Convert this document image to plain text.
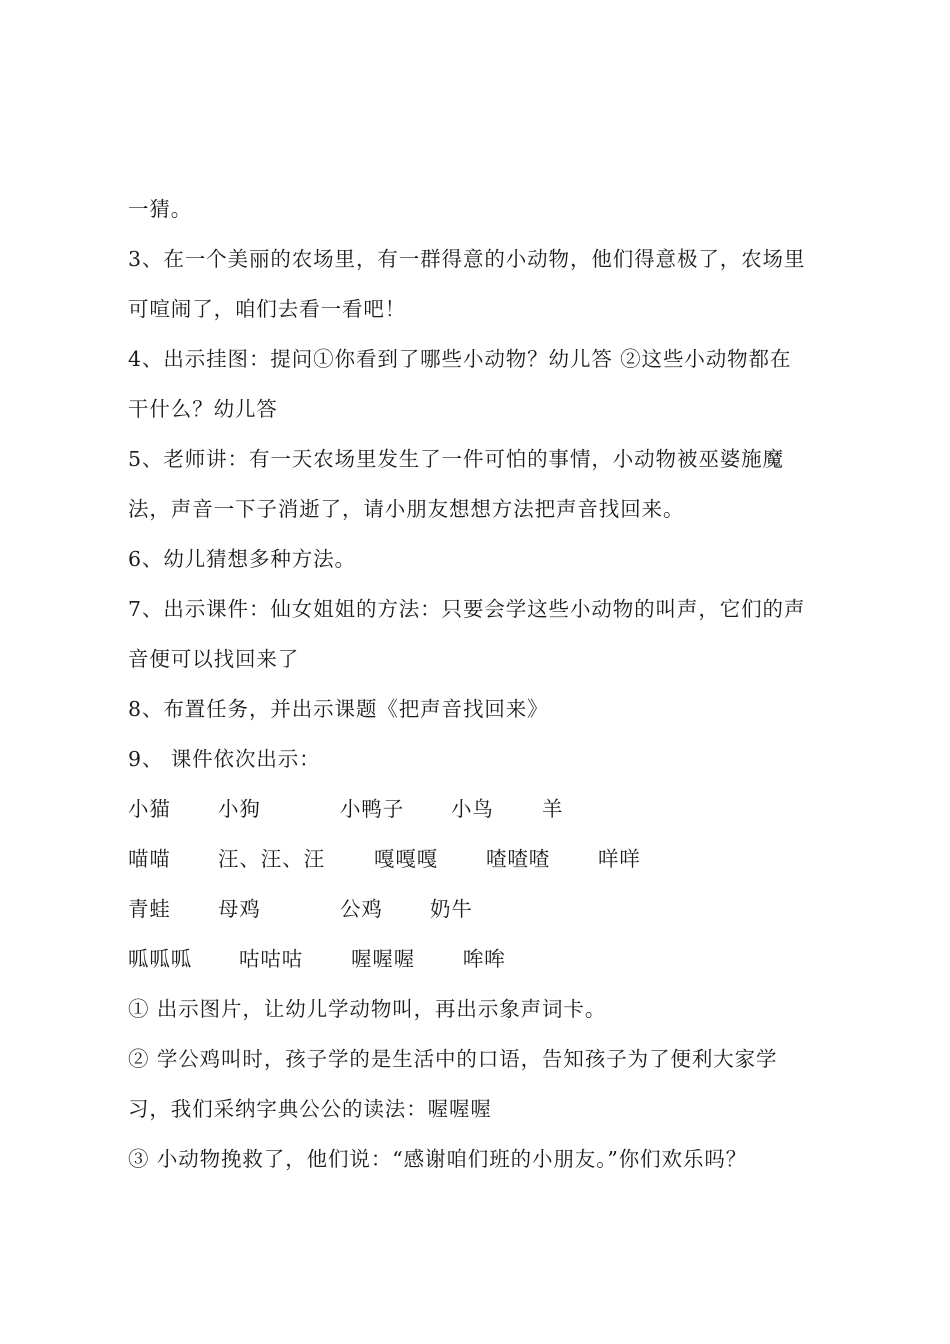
一猜。
3、在一个美丽的农场里，有一群得意的小动物，他们得意极了，农场里
可喧闹了，咱们去看一看吧！
4、出示挂图：提问①你看到了哪些小动物？幼儿答 ②这些小动物都在
干什么？幼儿答
5、老师讲：有一天农场里发生了一件可怕的事情，小动物被巫婆施魔
法，声音一下子消逝了，请小朋友想想方法把声音找回来。
6、幼儿猜想多种方法。
7、出示课件：仙女姐姐的方法：只要会学这些小动物的叫声，它们的声
音便可以找回来了
8、布置任务，并出示课题《把声音找回来》
9、 课件依次出示：
小猫 小狗	小鸭子 小鸟 羊
喵喵 汪、汪、汪 嘎嘎嘎 喳喳喳 咩咩
青蛙 母鸡	公鸡 奶牛
呱呱呱 咕咕咕 喔喔喔 哞哞
① 出示图片，让幼儿学动物叫，再出示象声词卡。
② 学公鸡叫时，孩子学的是生活中的口语，告知孩子为了便利大家学
习，我们采纳字典公公的读法：喔喔喔
③ 小动物挽救了，他们说：“感谢咱们班的小朋友。”你们欢乐吗？
